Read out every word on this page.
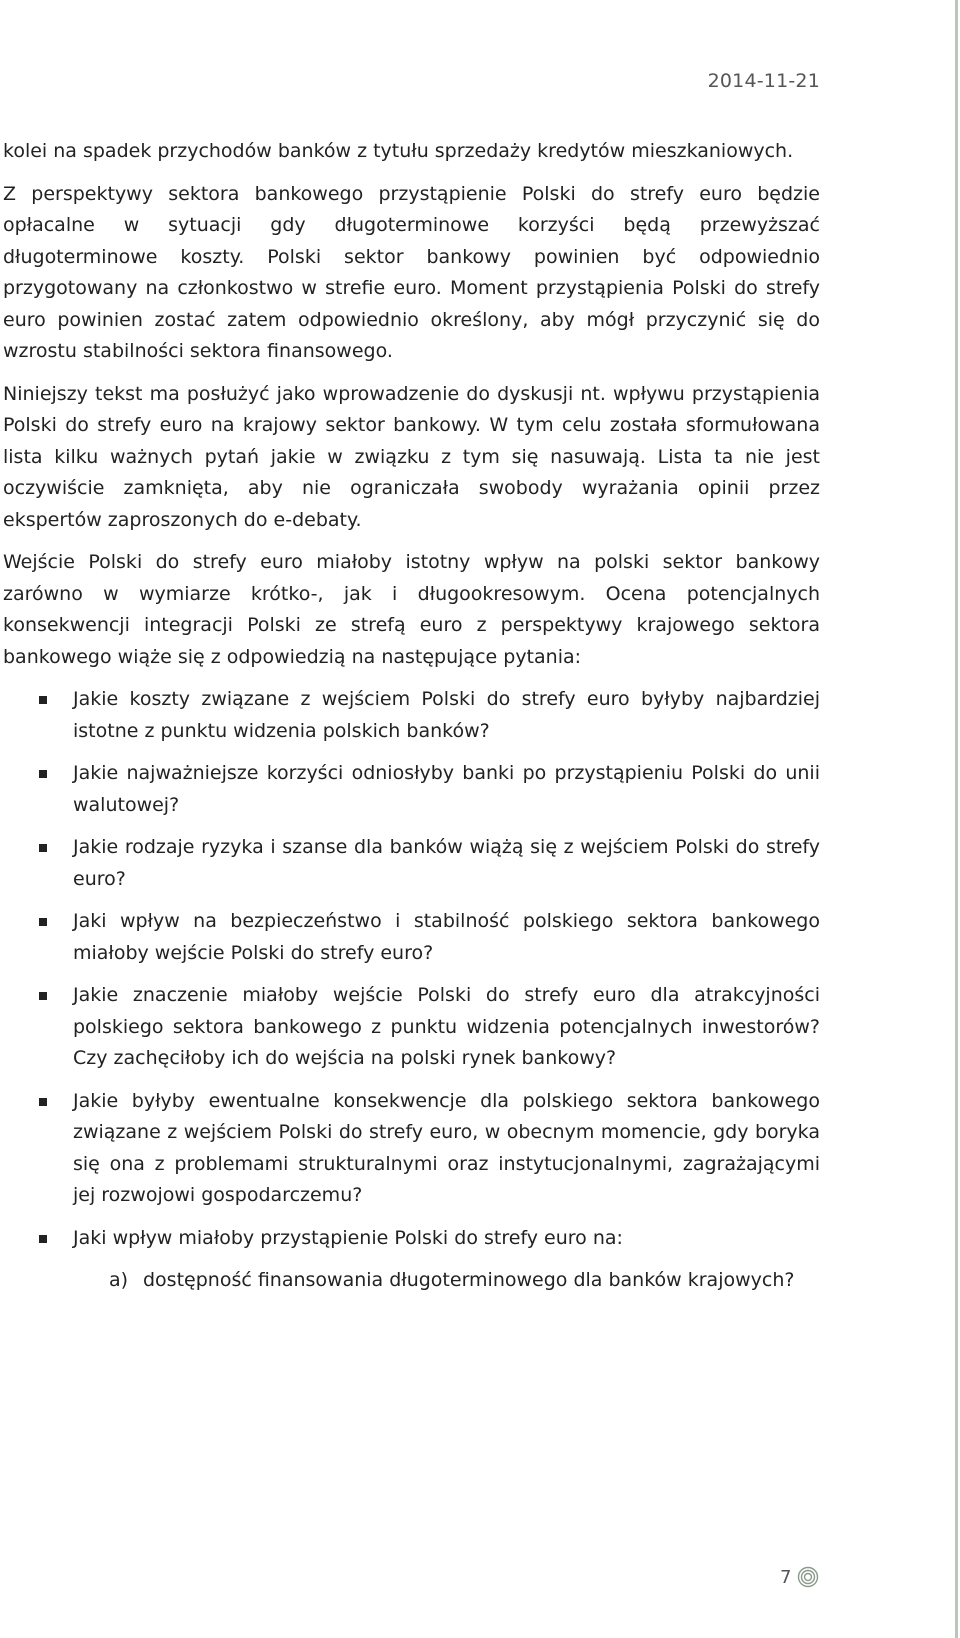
2014-11-21

kolei na spadek przychodów banków z tytułu sprzedaży kredytów mieszkaniowych.

Z perspektywy sektora bankowego przystąpienie Polski do strefy euro będzie opłacalne w sytuacji gdy długoterminowe korzyści będą przewyższać długoterminowe koszty. Polski sektor bankowy powinien być odpowiednio przygotowany na członkostwo w strefie euro. Moment przystąpienia Polski do strefy euro powinien zostać zatem odpowiednio określony, aby mógł przyczynić się do wzrostu stabilności sektora finansowego.

Niniejszy tekst ma posłużyć jako wprowadzenie do dyskusji nt. wpływu przystąpienia Polski do strefy euro na krajowy sektor bankowy. W tym celu została sformułowana lista kilku ważnych pytań jakie w związku z tym się nasuwają. Lista ta nie jest oczywiście zamknięta, aby nie ograniczała swobody wyrażania opinii przez ekspertów zaproszonych do e-debaty.

Wejście Polski do strefy euro miałoby istotny wpływ na polski sektor bankowy zarówno w wymiarze krótko-, jak i długookresowym. Ocena potencjalnych konsekwencji integracji Polski ze strefą euro z perspektywy krajowego sektora bankowego wiąże się z odpowiedzią na następujące pytania:

Jakie koszty związane z wejściem Polski do strefy euro byłyby najbardziej istotne z punktu widzenia polskich banków?
Jakie najważniejsze korzyści odniosłyby banki po przystąpieniu Polski do unii walutowej?
Jakie rodzaje ryzyka i szanse dla banków wiążą się z wejściem Polski do strefy euro?
Jaki wpływ na bezpieczeństwo i stabilność polskiego sektora bankowego miałoby wejście Polski do strefy euro?
Jakie znaczenie miałoby wejście Polski do strefy euro dla atrakcyjności polskiego sektora bankowego z punktu widzenia potencjalnych inwestorów? Czy zachęciłoby ich do wejścia na polski rynek bankowy?
Jakie byłyby ewentualne konsekwencje dla polskiego sektora bankowego związane z wejściem Polski do strefy euro, w obecnym momencie, gdy boryka się ona z problemami strukturalnymi oraz instytucjonalnymi, zagrażającymi jej rozwojowi gospodarczemu?
Jaki wpływ miałoby przystąpienie Polski do strefy euro na:
a) dostępność finansowania długoterminowego dla banków krajowych?
7
